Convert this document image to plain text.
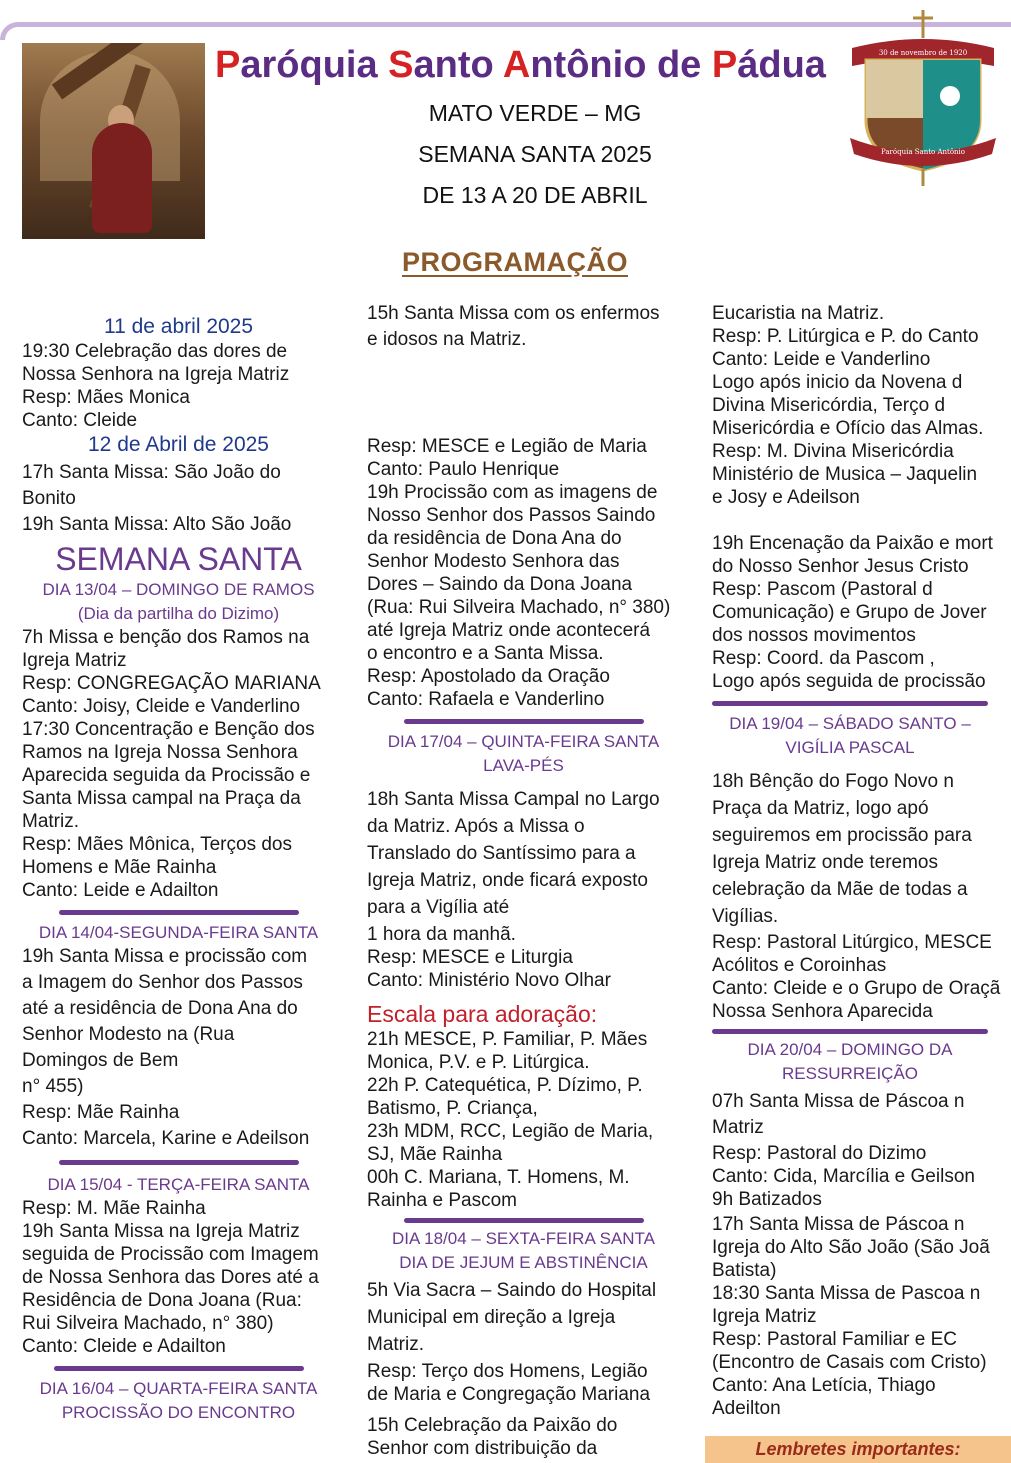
Paróquia Santo Antônio de Pádua
MATO VERDE – MG
SEMANA SANTA 2025
DE 13 A 20 DE ABRIL
30 de novembro de 1920
Paróquia Santo Antônio
PROGRAMAÇÃO

11 de abril 2025

19:30 Celebração das dores de

Nossa Senhora na Igreja Matriz

Resp: Mães Monica

Canto: Cleide

12 de Abril de 2025

17h Santa Missa: São João do

Bonito

19h Santa Missa: Alto São João

SEMANA SANTA

DIA 13/04 – DOMINGO DE RAMOS

(Dia da partilha do Dizimo)

7h Missa e benção dos Ramos na

Igreja Matriz

Resp: CONGREGAÇÃO MARIANA

Canto: Joisy, Cleide e Vanderlino

17:30 Concentração e Benção dos

Ramos na Igreja Nossa Senhora

Aparecida seguida da Procissão e

Santa Missa campal na Praça da

Matriz.

Resp: Mães Mônica, Terços dos

Homens e Mãe Rainha

Canto: Leide e Adailton

DIA 14/04-SEGUNDA-FEIRA SANTA

19h Santa Missa e procissão com

a Imagem do Senhor dos Passos

até a residência de Dona Ana do

Senhor Modesto na (Rua

Domingos de Bem

n° 455)

Resp: Mãe Rainha

Canto: Marcela, Karine e Adeilson

DIA 15/04 - TERÇA-FEIRA SANTA

Resp: M. Mãe Rainha

19h Santa Missa na Igreja Matriz

seguida de Procissão com Imagem

de Nossa Senhora das Dores até a

Residência de Dona Joana (Rua:

Rui Silveira Machado, n° 380)

Canto: Cleide e Adailton

DIA 16/04 – QUARTA-FEIRA SANTA

PROCISSÃO DO ENCONTRO

15h Santa Missa com os enfermos

e idosos na Matriz.

Resp: MESCE e Legião de Maria

Canto: Paulo Henrique

19h Procissão com as imagens de

Nosso Senhor dos Passos Saindo

da residência de Dona Ana do

Senhor Modesto Senhora das

Dores – Saindo da Dona Joana

(Rua: Rui Silveira Machado, n° 380)

até Igreja Matriz onde acontecerá

o encontro e a Santa Missa.

Resp: Apostolado da Oração

Canto: Rafaela e Vanderlino

DIA 17/04 – QUINTA-FEIRA SANTA

LAVA-PÉS

18h Santa Missa Campal no Largo

da Matriz. Após a Missa o

Translado do Santíssimo para a

Igreja Matriz, onde ficará exposto

para a Vigília até

1 hora da manhã.

Resp: MESCE e Liturgia

Canto: Ministério Novo Olhar

Escala para adoração:

21h MESCE, P. Familiar, P. Mães

Monica, P.V. e P. Litúrgica.

22h P. Catequética, P. Dízimo, P.

Batismo, P. Criança,

23h MDM, RCC, Legião de Maria,

SJ, Mãe Rainha

00h C. Mariana, T. Homens, M.

Rainha e Pascom

DIA 18/04 – SEXTA-FEIRA SANTA

DIA DE JEJUM E ABSTINÊNCIA

5h Via Sacra – Saindo do Hospital

Municipal em direção a Igreja

Matriz.

Resp: Terço dos Homens, Legião

de Maria e Congregação Mariana

15h Celebração da Paixão do

Senhor com distribuição da

Eucaristia na Matriz.

Resp: P. Litúrgica e P. do Canto

Canto: Leide e Vanderlino

Logo após inicio da Novena d

Divina Misericórdia, Terço d

Misericórdia e Ofício das Almas.

Resp: M. Divina Misericórdia

Ministério de Musica – Jaquelin

e Josy e Adeilson

19h Encenação da Paixão e mort

do Nosso Senhor Jesus Cristo

Resp: Pascom (Pastoral d

Comunicação) e Grupo de Jover

dos nossos movimentos

Resp: Coord. da Pascom ,

Logo após seguida de procissão

DIA 19/04 – SÁBADO SANTO –

VIGÍLIA PASCAL

18h Bênção do Fogo Novo n

Praça da Matriz, logo apó

seguiremos em procissão para

Igreja Matriz onde teremos

celebração da Mãe de todas a

Vigílias.

Resp: Pastoral Litúrgico, MESCE

Acólitos e Coroinhas

Canto: Cleide e o Grupo de Oraçã

Nossa Senhora Aparecida

DIA 20/04 – DOMINGO DA

RESSURREIÇÃO

07h Santa Missa de Páscoa n

Matriz

Resp: Pastoral do Dizimo

Canto: Cida, Marcília e Geilson

9h Batizados

17h Santa Missa de Páscoa n

Igreja do Alto São João (São Joã

Batista)

18:30 Santa Missa de Pascoa n

Igreja Matriz

Resp: Pastoral Familiar e EC

(Encontro de Casais com Cristo)

Canto: Ana Letícia, Thiago

Adeilton

Lembretes importantes:
